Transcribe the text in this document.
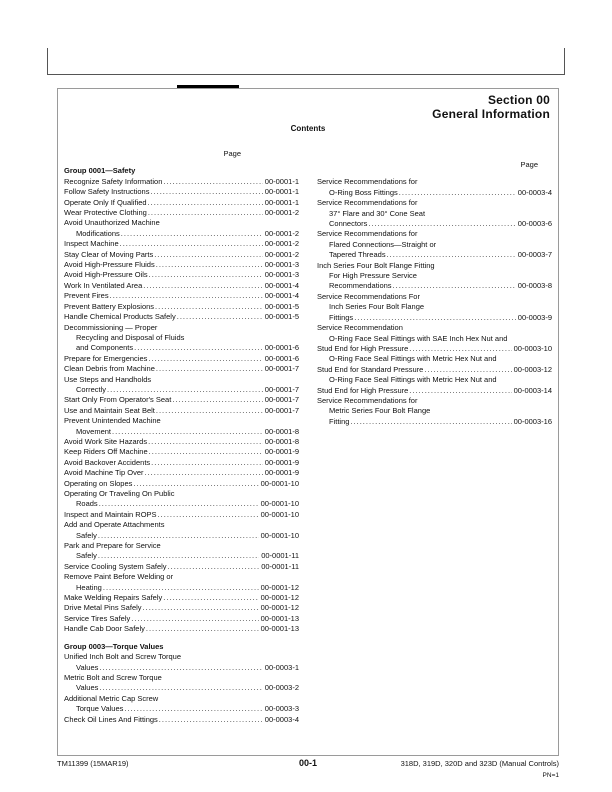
Section 00
General Information
Contents
Page
Group 0001—Safety
Recognize Safety Information .....	00-0001-1
Follow Safety Instructions .....	00-0001-1
Operate Only If Qualified .....	00-0001-1
Wear Protective Clothing .....	00-0001-2
Avoid Unauthorized Machine
Modifications .....	00-0001-2
Inspect Machine .....	00-0001-2
Stay Clear of Moving Parts .....	00-0001-2
Avoid High-Pressure Fluids .....	00-0001-3
Avoid High-Pressure Oils .....	00-0001-3
Work In Ventilated Area .....	00-0001-4
Prevent Fires .....	00-0001-4
Prevent Battery Explosions .....	00-0001-5
Handle Chemical Products Safely .....	00-0001-5
Decommissioning — Proper
Recycling and Disposal of Fluids
and Components .....	00-0001-6
Prepare for Emergencies .....	00-0001-6
Clean Debris from Machine .....	00-0001-7
Use Steps and Handholds
Correctly .....	00-0001-7
Start Only From Operator's Seat .....	00-0001-7
Use and Maintain Seat Belt .....	00-0001-7
Prevent Unintended Machine
Movement .....	00-0001-8
Avoid Work Site Hazards .....	00-0001-8
Keep Riders Off Machine .....	00-0001-9
Avoid Backover Accidents .....	00-0001-9
Avoid Machine Tip Over .....	00-0001-9
Operating on Slopes .....	00-0001-10
Operating Or Traveling On Public
Roads .....	00-0001-10
Inspect and Maintain ROPS .....	00-0001-10
Add and Operate Attachments
Safely .....	00-0001-10
Park and Prepare for Service
Safely .....	00-0001-11
Service Cooling System Safely .....	00-0001-11
Remove Paint Before Welding or
Heating .....	00-0001-12
Make Welding Repairs Safely .....	00-0001-12
Drive Metal Pins Safely .....	00-0001-12
Service Tires Safely .....	00-0001-13
Handle Cab Door Safely .....	00-0001-13
Group 0003—Torque Values
Unified Inch Bolt and Screw Torque
Values .....	00-0003-1
Metric Bolt and Screw Torque
Values .....	00-0003-2
Additional Metric Cap Screw
Torque Values .....	00-0003-3
Check Oil Lines And Fittings .....	00-0003-4
Page
Service Recommendations for
O-Ring Boss Fittings .....	00-0003-4
Service Recommendations for
37° Flare and 30° Cone Seat
Connectors .....	00-0003-6
Service Recommendations for
Flared Connections—Straight or
Tapered Threads .....	00-0003-7
Inch Series Four Bolt Flange Fitting
For High Pressure Service
Recommendations .....	00-0003-8
Service Recommendations For
Inch Series Four Bolt Flange
Fittings .....	00-0003-9
Service Recommendation
O-Ring Face Seal Fittings with SAE Inch Hex Nut and
Stud End for High Pressure .....	00-0003-10
O-Ring Face Seal Fittings with Metric Hex Nut and
Stud End for Standard Pressure .....	00-0003-12
O-Ring Face Seal Fittings with Metric Hex Nut and
Stud End for High Pressure .....	00-0003-14
Service Recommendations for
Metric Series Four Bolt Flange
Fitting .....	00-0003-16
TM11399 (15MAR19)	00-1	318D, 319D, 320D and 323D (Manual Controls)
PN=1
